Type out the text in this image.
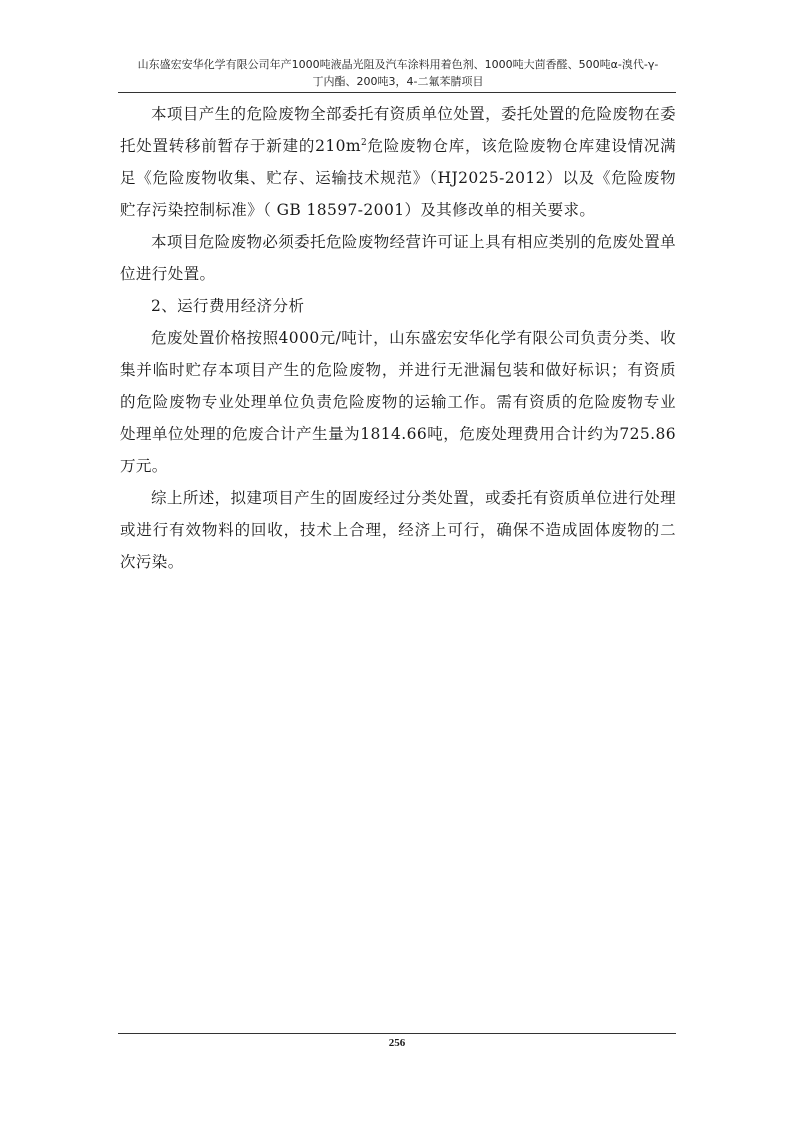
山东盛宏安华化学有限公司年产1000吨液晶光阻及汽车涂料用着色剂、1000吨大茴香醛、500吨α-溴代-γ-
丁内酯、200吨3，4-二氟苯腈项目

本项目产生的危险废物全部委托有资质单位处置，委托处置的危险废物在委托处置转移前暂存于新建的$210m^2$危险废物仓库，该危险废物仓库建设情况满足《危险废物收集、贮存、运输技术规范》（HJ2025-2012）以及《危险废物贮存污染控制标准》（ GB 18597-2001）及其修改单的相关要求。

本项目危险废物必须委托危险废物经营许可证上具有相应类别的危废处置单位进行处置。

2、运行费用经济分析

危废处置价格按照4000元/吨计，山东盛宏安华化学有限公司负责分类、收集并临时贮存本项目产生的危险废物，并进行无泄漏包装和做好标识；有资质的危险废物专业处理单位负责危险废物的运输工作。需有资质的危险废物专业处理单位处理的危废合计产生量为1814.66吨，危废处理费用合计约为725.86万元。

综上所述，拟建项目产生的固废经过分类处置，或委托有资质单位进行处理或进行有效物料的回收，技术上合理，经济上可行，确保不造成固体废物的二次污染。

256
